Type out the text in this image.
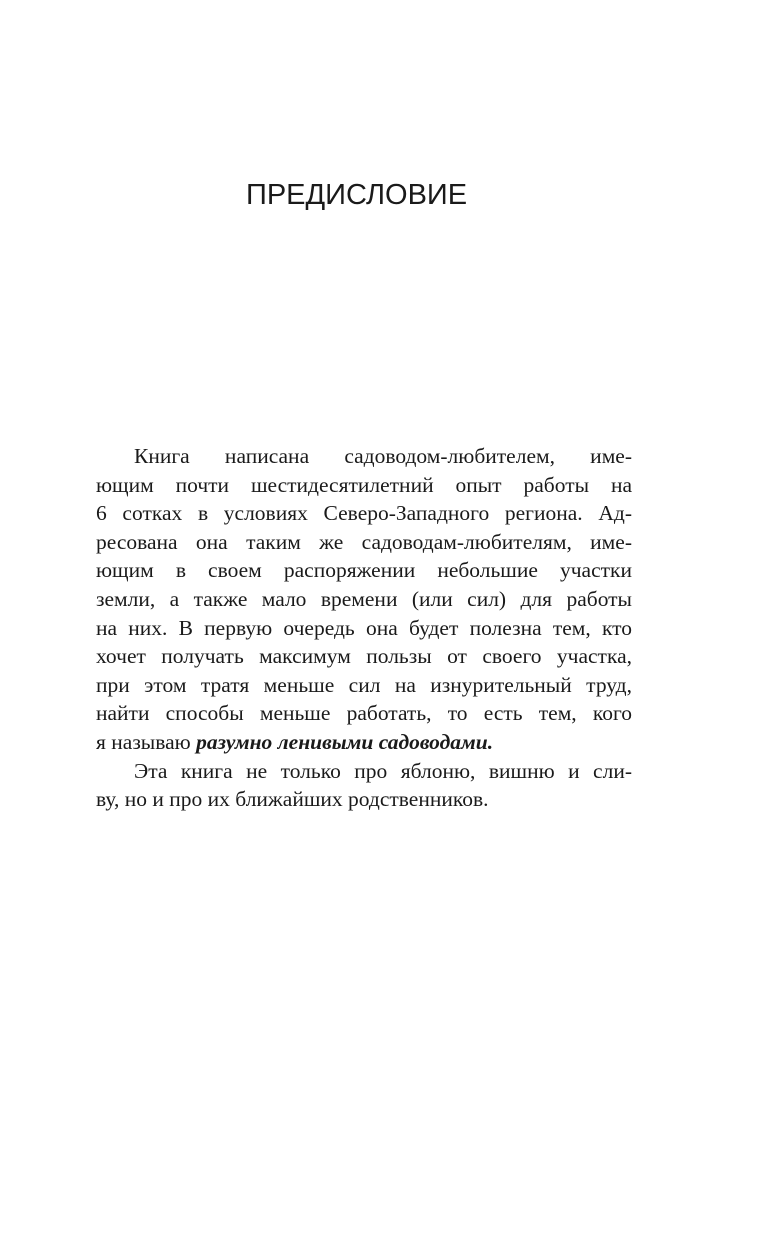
ПРЕДИСЛОВИЕ
Книга написана садоводом-любителем, име-
ющим почти шестидесятилетний опыт работы на
6 сотках в условиях Северо-Западного региона. Ад-
ресована она таким же садоводам-любителям, име-
ющим в своем распоряжении небольшие участки
земли, а также мало времени (или сил) для работы
на них. В первую очередь она будет полезна тем, кто
хочет получать максимум пользы от своего участка,
при этом тратя меньше сил на изнурительный труд,
найти способы меньше работать, то есть тем, кого
я называю разумно ленивыми садоводами.
Эта книга не только про яблоню, вишню и сли-
ву, но и про их ближайших родственников.
